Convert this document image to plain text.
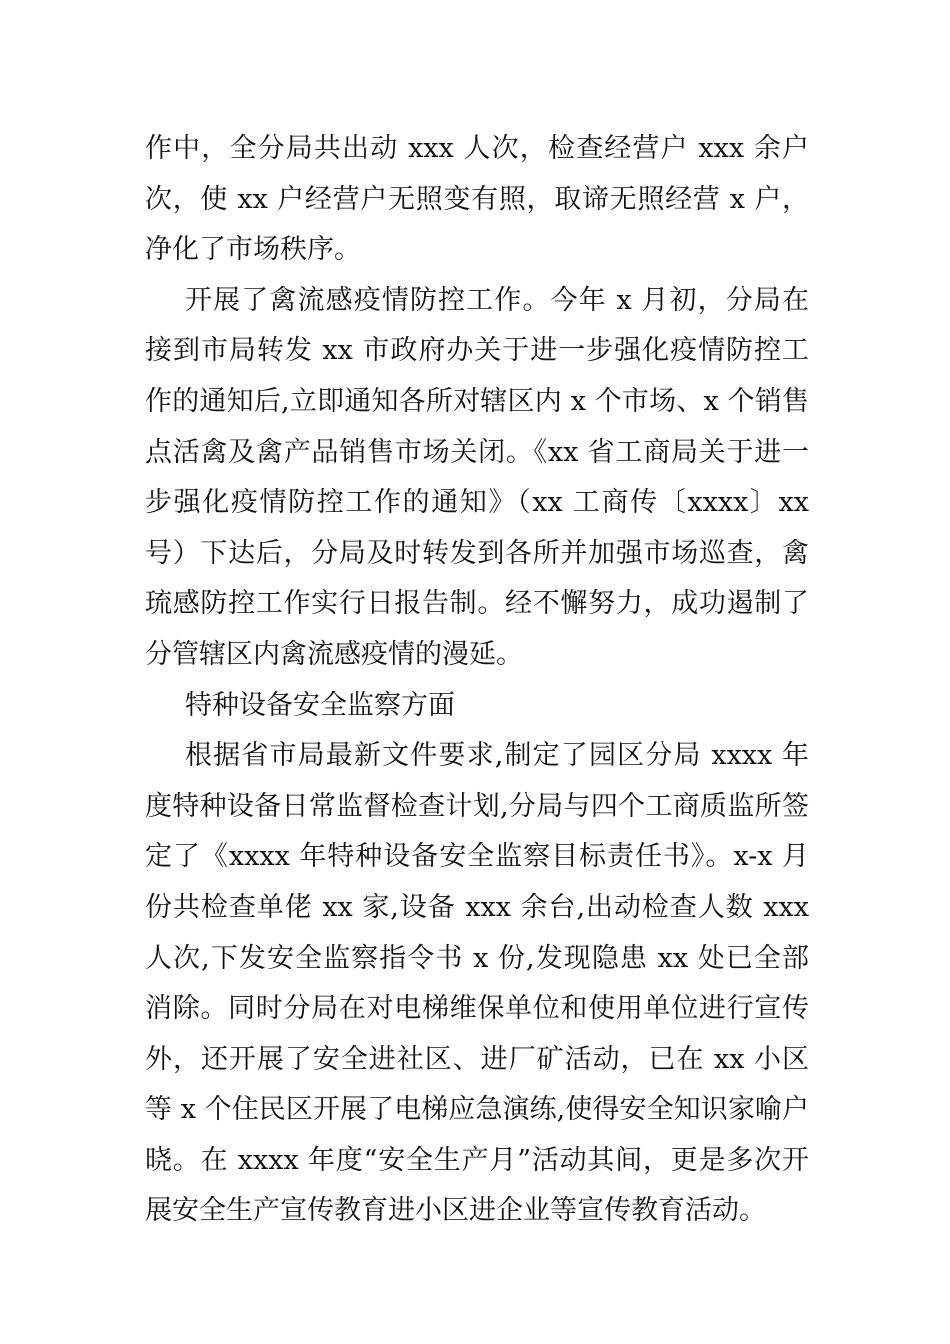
作中，全分局共出动 xxx 人次，检查经营户 xxx 余户次，使 xx 户经营户无照变有照，取谛无照经营 x 户，净化了市场秩序。

开展了禽流感疫情防控工作。今年 x 月初，分局在接到市局转发 xx 市政府办关于进一步强化疫情防控工作的通知后,立即通知各所对辖区内 x 个市场、x 个销售点活禽及禽产品销售市场关闭。《xx 省工商局关于进一步强化疫情防控工作的通知》（xx 工商传〔xxxx〕xx 号）下达后，分局及时转发到各所并加强市场巡查，禽琉感防控工作实行日报告制。经不懈努力，成功遏制了分管辖区内禽流感疫情的漫延。

特种设备安全监察方面

根据省市局最新文件要求,制定了园区分局 xxxx 年度特种设备日常监督检查计划,分局与四个工商质监所签定了《xxxx 年特种设备安全监察目标责任书》。x-x 月份共检查单佬 xx 家,设备 xxx 余台,出动检查人数 xxx 人次,下发安全监察指令书 x 份,发现隐患 xx 处已全部消除。同时分局在对电梯维保单位和使用单位进行宣传外，还开展了安全进社区、进厂矿活动，已在 xx 小区等 x 个住民区开展了电梯应急演练,使得安全知识家喻户晓。在 xxxx 年度“安全生产月”活动其间，更是多次开展安全生产宣传教育进小区进企业等宣传教育活动。
